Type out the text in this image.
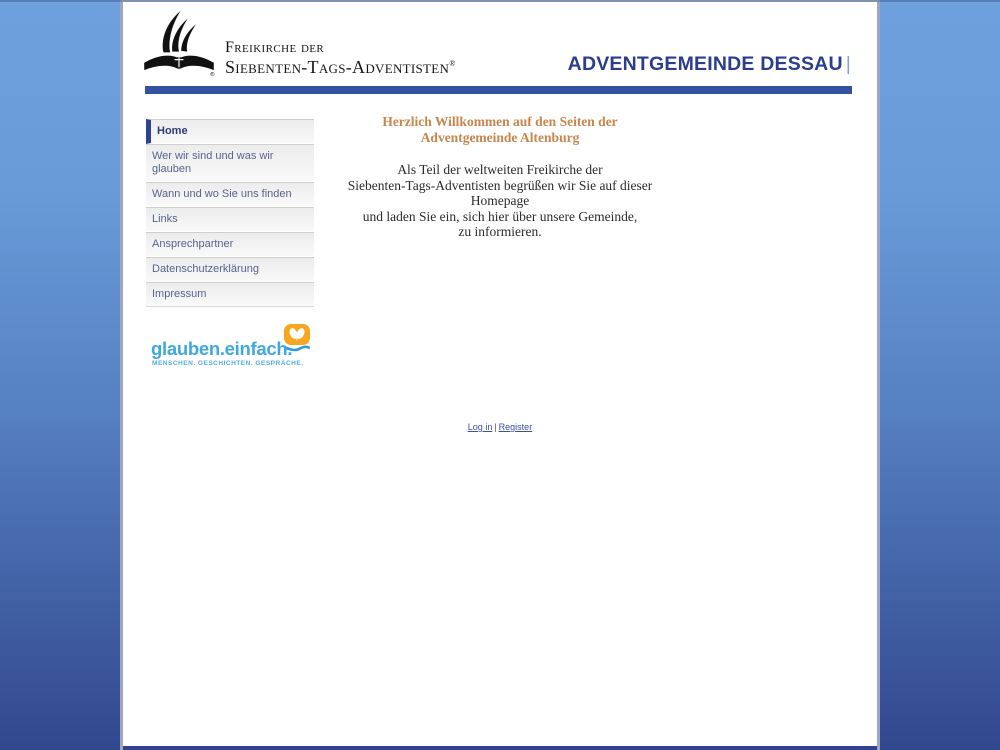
®
Freikirche der
Siebenten-Tags-Adventisten®	ADVENTGEMEINDE DESSAU |
Home
Wer wir sind und was wir glauben
Wann und wo Sie uns finden
Links
Ansprechpartner
Datenschutzerklärung
Impressum
Herzlich Willkommen auf den Seiten der
Adventgemeinde Altenburg
Als Teil der weltweiten Freikirche der
Siebenten-Tags-Adventisten begrüßen wir Sie auf dieser
Homepage
und laden Sie ein, sich hier über unsere Gemeinde,
zu informieren.
glauben.einfach.
MENSCHEN. GESCHICHTEN. GESPRÄCHE.
Log in | Register
